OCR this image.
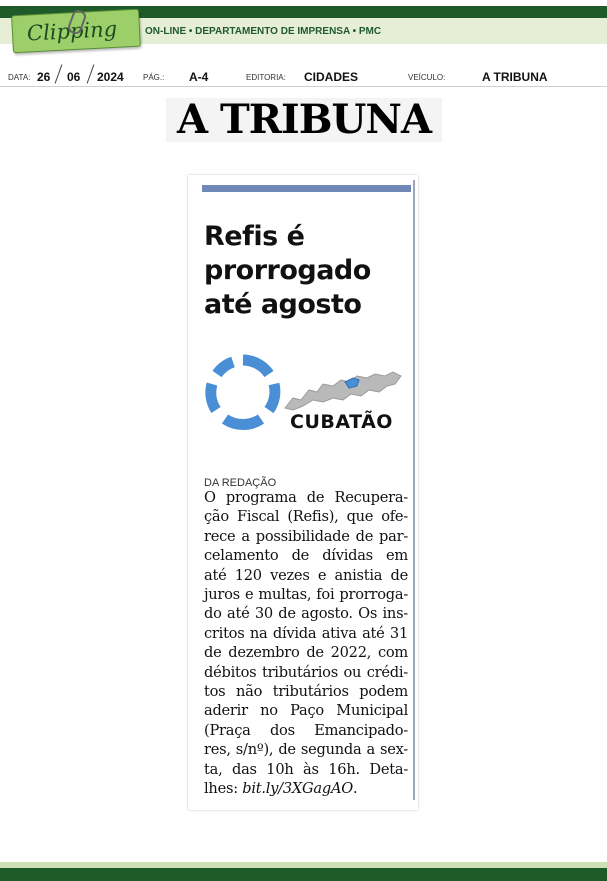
Clipping	ON-LINE • DEPARTAMENTO DE IMPRENSA • PMC
DATA: 26 06 2024 PÁG.: A-4	EDITORIA: CIDADES	VEÍCULO:	A TRIBUNA
A TRIBUNA
Refis é
prorrogado
até agosto
CUBATÃO
DA REDAÇÃO
O programa de Recupera-
ção Fiscal (Refis), que ofe-
rece a possibilidade de par-
celamento de dívidas em
até 120 vezes e anistia de
juros e multas, foi prorroga-
do até 30 de agosto. Os ins-
critos na dívida ativa até 31
de dezembro de 2022, com
débitos tributários ou crédi-
tos não tributários podem
aderir no Paço Municipal
(Praça dos Emancipado-
res, s/nº), de segunda a sex-
ta, das 10h às 16h. Deta-
lhes: bit.ly/3XGagAO.
